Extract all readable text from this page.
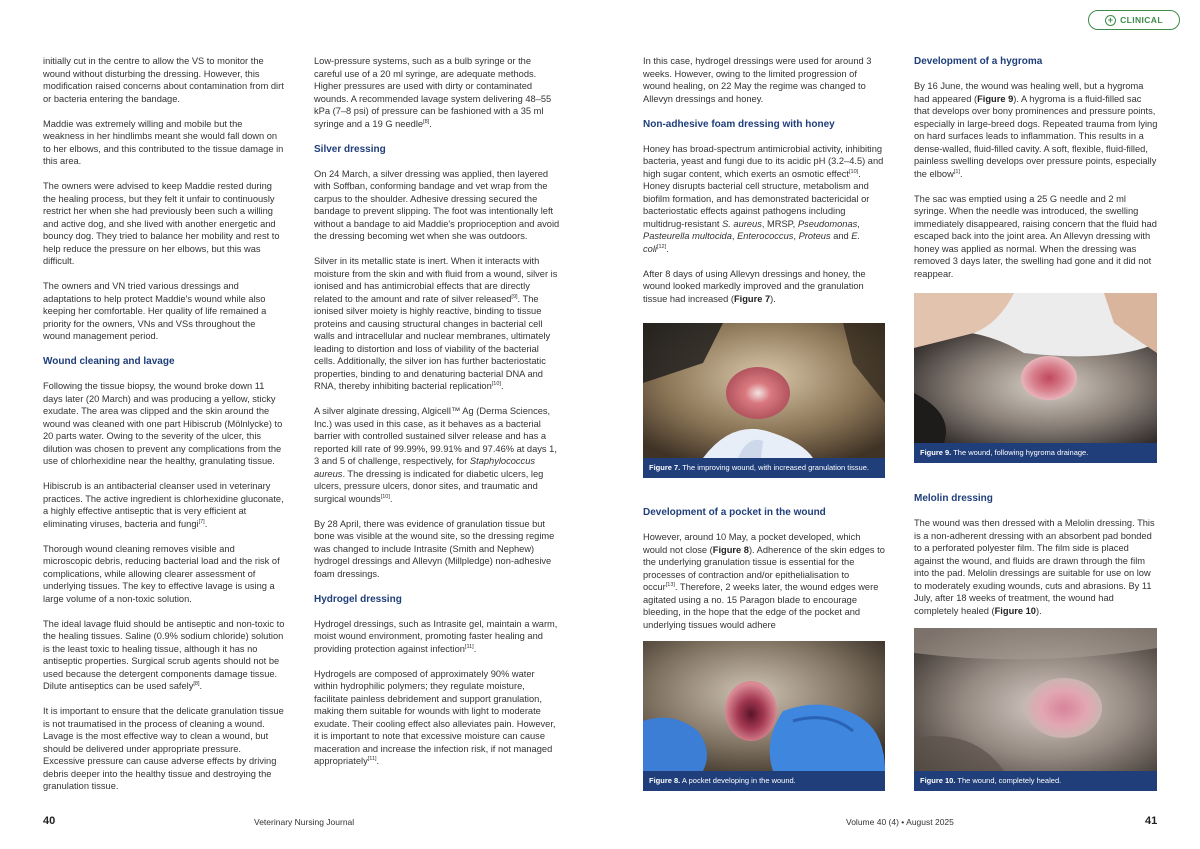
+ CLINICAL

initially cut in the centre to allow the VS to monitor the wound without disturbing the dressing. However, this modification raised concerns about contamination from dirt or bacteria entering the bandage.

Maddie was extremely willing and mobile but the weakness in her hindlimbs meant she would fall down on to her elbows, and this contributed to the tissue damage in this area.

The owners were advised to keep Maddie rested during the healing process, but they felt it unfair to continuously restrict her when she had previously been such a willing and active dog, and she lived with another energetic and bouncy dog. They tried to balance her mobility and rest to help reduce the pressure on her elbows, but this was difficult.

The owners and VN tried various dressings and adaptations to help protect Maddie's wound while also keeping her comfortable. Her quality of life remained a priority for the owners, VNs and VSs throughout the wound management period.

Wound cleaning and lavage

Following the tissue biopsy, the wound broke down 11 days later (20 March) and was producing a yellow, sticky exudate. The area was clipped and the skin around the wound was cleaned with one part Hibiscrub (Mölnlycke) to 20 parts water. Owing to the severity of the ulcer, this dilution was chosen to prevent any complications from the use of chlorhexidine near the healthy, granulating tissue.

Hibiscrub is an antibacterial cleanser used in veterinary practices. The active ingredient is chlorhexidine gluconate, a highly effective antiseptic that is very efficient at eliminating viruses, bacteria and fungi[7].

Thorough wound cleaning removes visible and microscopic debris, reducing bacterial load and the risk of complications, while allowing clearer assessment of underlying tissues. The key to effective lavage is using a large volume of a non-toxic solution.

The ideal lavage fluid should be antiseptic and non-toxic to the healing tissues. Saline (0.9% sodium chloride) solution is the least toxic to healing tissue, although it has no antiseptic properties. Surgical scrub agents should not be used because the detergent components damage tissue. Dilute antiseptics can be used safely[8].

It is important to ensure that the delicate granulation tissue is not traumatised in the process of cleaning a wound. Lavage is the most effective way to clean a wound, but should be delivered under appropriate pressure. Excessive pressure can cause adverse effects by driving debris deeper into the healthy tissue and destroying the granulation tissue.

Low-pressure systems, such as a bulb syringe or the careful use of a 20 ml syringe, are adequate methods. Higher pressures are used with dirty or contaminated wounds. A recommended lavage system delivering 48–55 kPa (7–8 psi) of pressure can be fashioned with a 35 ml syringe and a 19 G needle[8].

Silver dressing

On 24 March, a silver dressing was applied, then layered with Soffban, conforming bandage and vet wrap from the carpus to the shoulder. Adhesive dressing secured the bandage to prevent slipping. The foot was intentionally left without a bandage to aid Maddie's proprioception and avoid the dressing becoming wet when she was outdoors.

Silver in its metallic state is inert. When it interacts with moisture from the skin and with fluid from a wound, silver is ionised and has antimicrobial effects that are directly related to the amount and rate of silver released[9]. The ionised silver moiety is highly reactive, binding to tissue proteins and causing structural changes in bacterial cell walls and intracellular and nuclear membranes, ultimately leading to distortion and loss of viability of the bacterial cells. Additionally, the silver ion has further bacteriostatic properties, binding to and denaturing bacterial DNA and RNA, thereby inhibiting bacterial replication[10].

A silver alginate dressing, Algicell™ Ag (Derma Sciences, Inc.) was used in this case, as it behaves as a bacterial barrier with controlled sustained silver release and has a reported kill rate of 99.99%, 99.91% and 97.46% at days 1, 3 and 5 of challenge, respectively, for Staphylococcus aureus. The dressing is indicated for diabetic ulcers, leg ulcers, pressure ulcers, donor sites, and traumatic and surgical wounds[10].

By 28 April, there was evidence of granulation tissue but bone was visible at the wound site, so the dressing regime was changed to include Intrasite (Smith and Nephew) hydrogel dressings and Allevyn (Millpledge) non-adhesive foam dressings.

Hydrogel dressing

Hydrogel dressings, such as Intrasite gel, maintain a warm, moist wound environment, promoting faster healing and providing protection against infection[11].

Hydrogels are composed of approximately 90% water within hydrophilic polymers; they regulate moisture, facilitate painless debridement and support granulation, making them suitable for wounds with light to moderate exudate. Their cooling effect also alleviates pain. However, it is important to note that excessive moisture can cause maceration and increase the infection risk, if not managed appropriately[11].

In this case, hydrogel dressings were used for around 3 weeks. However, owing to the limited progression of wound healing, on 22 May the regime was changed to Allevyn dressings and honey.

Non-adhesive foam dressing with honey

Honey has broad-spectrum antimicrobial activity, inhibiting bacteria, yeast and fungi due to its acidic pH (3.2–4.5) and high sugar content, which exerts an osmotic effect[10]. Honey disrupts bacterial cell structure, metabolism and biofilm formation, and has demonstrated bactericidal or bacteriostatic effects against pathogens including multidrug-resistant S. aureus, MRSP, Pseudomonas, Pasteurella multocida, Enterococcus, Proteus and E. coli[12].

After 8 days of using Allevyn dressings and honey, the wound looked markedly improved and the granulation tissue had increased (Figure 7).

Figure 7. The improving wound, with increased granulation tissue.
Development of a pocket in the wound

However, around 10 May, a pocket developed, which would not close (Figure 8). Adherence of the skin edges to the underlying granulation tissue is essential for the processes of contraction and/or epithelialisation to occur[13]. Therefore, 2 weeks later, the wound edges were agitated using a no. 15 Paragon blade to encourage bleeding, in the hope that the edge of the pocket and underlying tissues would adhere

Figure 8. A pocket developing in the wound.
Development of a hygroma

By 16 June, the wound was healing well, but a hygroma had appeared (Figure 9). A hygroma is a fluid-filled sac that develops over bony prominences and pressure points, especially in large-breed dogs. Repeated trauma from lying on hard surfaces leads to inflammation. This results in a dense-walled, fluid-filled cavity. A soft, flexible, fluid-filled, painless swelling develops over pressure points, especially the elbow[1].

The sac was emptied using a 25 G needle and 2 ml syringe. When the needle was introduced, the swelling immediately disappeared, raising concern that the fluid had escaped back into the joint area. An Allevyn dressing with honey was applied as normal. When the dressing was removed 3 days later, the swelling had gone and it did not reappear.

Figure 9. The wound, following hygroma drainage.
Melolin dressing

The wound was then dressed with a Melolin dressing. This is a non-adherent dressing with an absorbent pad bonded to a perforated polyester film. The film side is placed against the wound, and fluids are drawn through the film into the pad. Melolin dressings are suitable for use on low to moderately exuding wounds, cuts and abrasions. By 11 July, after 18 weeks of treatment, the wound had completely healed (Figure 10).

Figure 10. The wound, completely healed.
40	Veterinary Nursing Journal	Volume 40 (4) • August 2025	41
